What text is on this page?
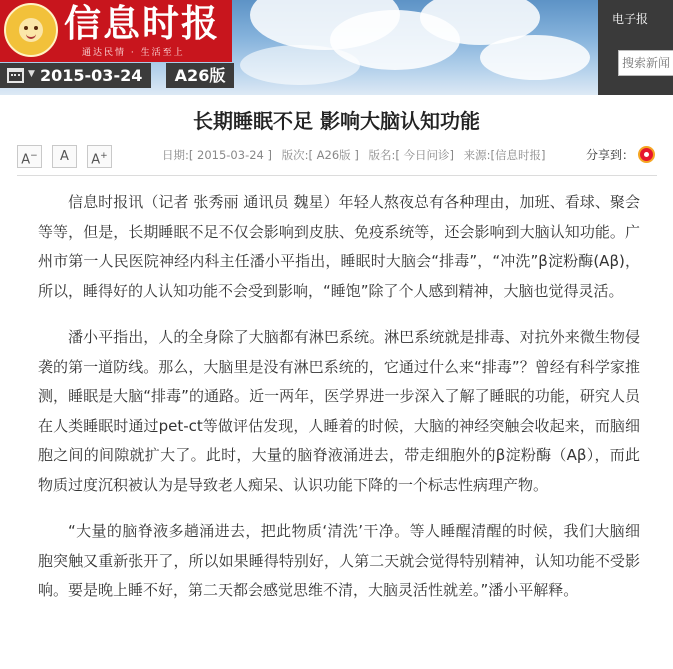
信息时报
通达民情 · 生活至上
▼ 2015-03-24	A26版
电子报
搜索新闻
长期睡眠不足 影响大脑认知功能
A−	A	A+	日期:[ 2015-03-24 ] 版次:[ A26版 ] 版名:[ 今日问诊] 来源:[信息时报]	分享到：

信息时报讯（记者 张秀丽 通讯员 魏星）年轻人熬夜总有各种理由，加班、看球、聚会等等，但是，长期睡眠不足不仅会影响到皮肤、免疫系统等，还会影响到大脑认知功能。广州市第一人民医院神经内科主任潘小平指出，睡眠时大脑会“排毒”，“冲洗”β淀粉酶(Aβ)，所以，睡得好的人认知功能不会受到影响，“睡饱”除了个人感到精神，大脑也觉得灵活。

潘小平指出，人的全身除了大脑都有淋巴系统。淋巴系统就是排毒、对抗外来微生物侵袭的第一道防线。那么，大脑里是没有淋巴系统的，它通过什么来“排毒”？曾经有科学家推测，睡眠是大脑“排毒”的通路。近一两年，医学界进一步深入了解了睡眠的功能，研究人员在人类睡眠时通过pet-ct等做评估发现，人睡着的时候，大脑的神经突触会收起来，而脑细胞之间的间隙就扩大了。此时，大量的脑脊液涌进去，带走细胞外的β淀粉酶（Aβ），而此物质过度沉积被认为是导致老人痴呆、认识功能下降的一个标志性病理产物。

“大量的脑脊液多趟涌进去，把此物质‘清洗’干净。等人睡醒清醒的时候，我们大脑细胞突触又重新张开了，所以如果睡得特别好，人第二天就会觉得特别精神，认知功能不受影响。要是晚上睡不好，第二天都会感觉思维不清，大脑灵活性就差。”潘小平解释。
